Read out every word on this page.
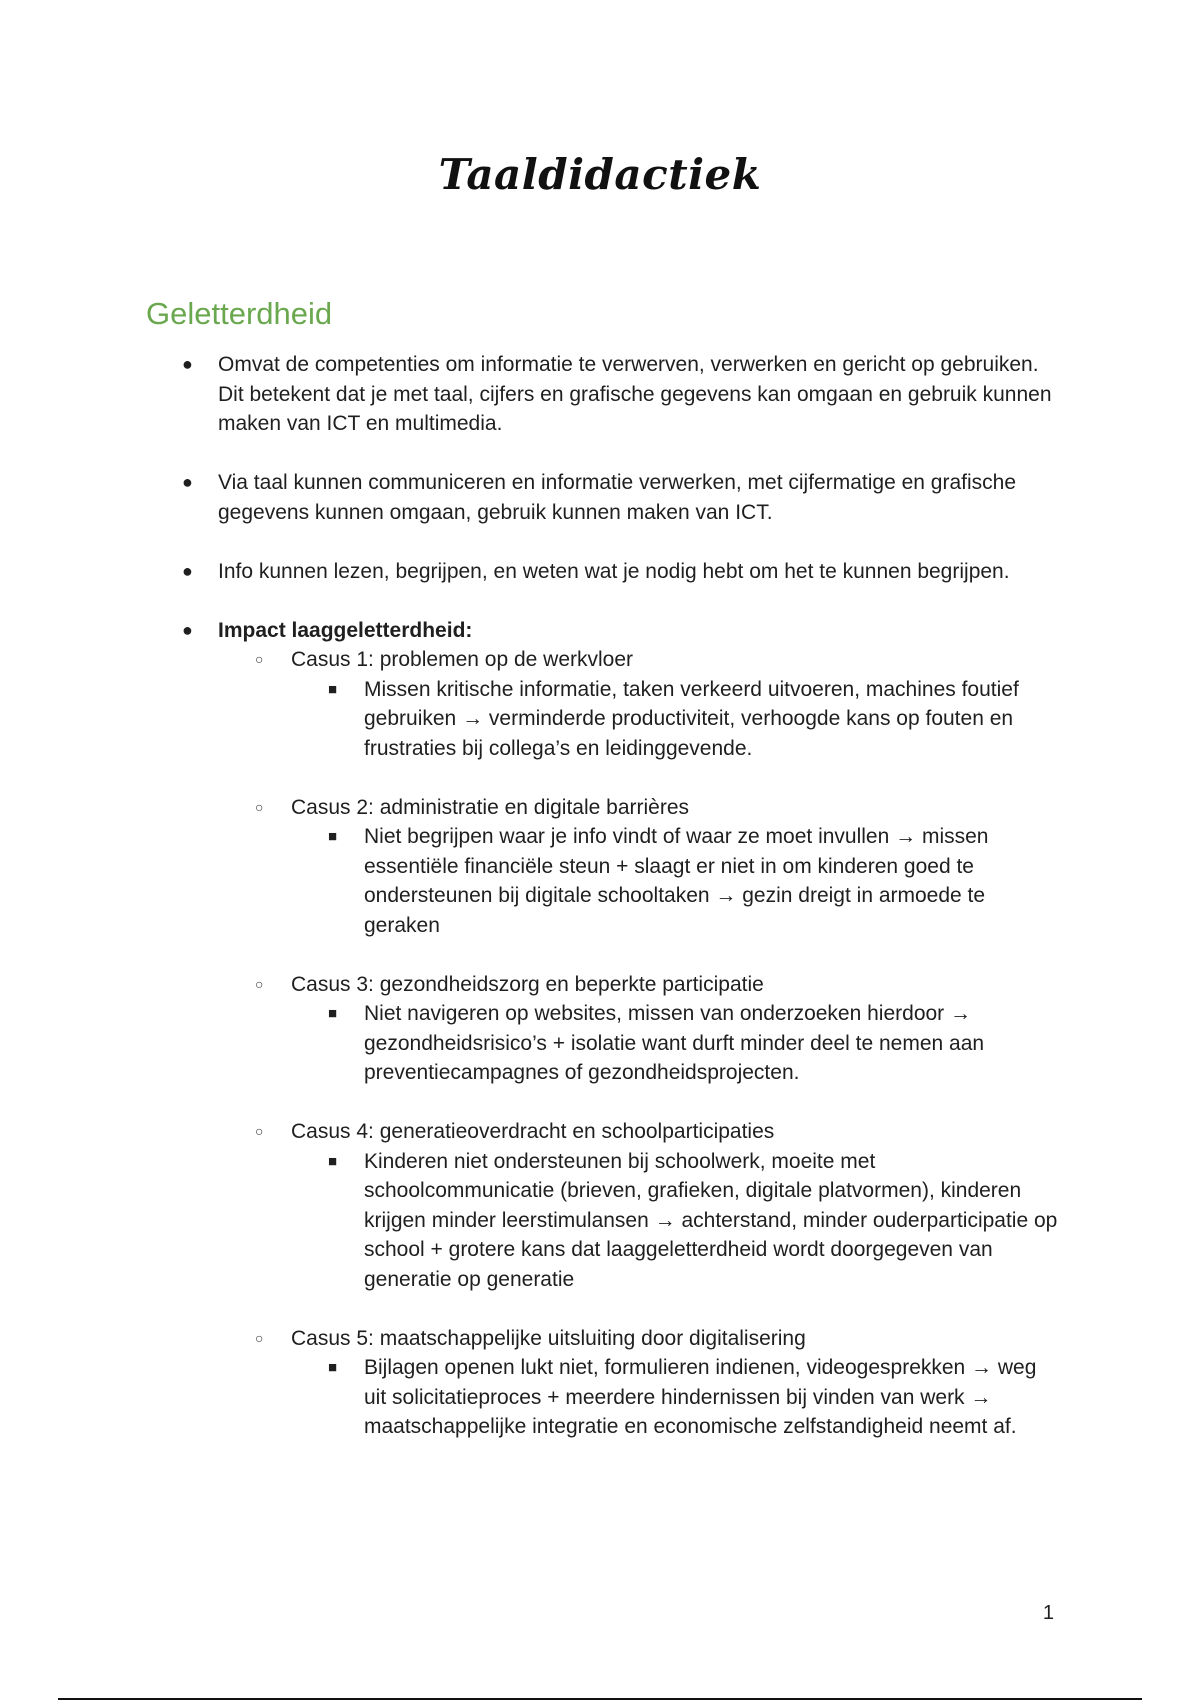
Taaldidactiek
Geletterdheid
● Omvat de competenties om informatie te verwerven, verwerken en gericht op gebruiken. Dit betekent dat je met taal, cijfers en grafische gegevens kan omgaan en gebruik kunnen maken van ICT en multimedia.
● Via taal kunnen communiceren en informatie verwerken, met cijfermatige en grafische gegevens kunnen omgaan, gebruik kunnen maken van ICT.
● Info kunnen lezen, begrijpen, en weten wat je nodig hebt om het te kunnen begrijpen.
● Impact laaggeletterdheid:
○ Casus 1: problemen op de werkvloer
■ Missen kritische informatie, taken verkeerd uitvoeren, machines foutief gebruiken → verminderde productiviteit, verhoogde kans op fouten en frustraties bij collega’s en leidinggevende.
○ Casus 2: administratie en digitale barrières
■ Niet begrijpen waar je info vindt of waar ze moet invullen → missen essentiële financiële steun + slaagt er niet in om kinderen goed te ondersteunen bij digitale schooltaken → gezin dreigt in armoede te geraken
○ Casus 3: gezondheidszorg en beperkte participatie
■ Niet navigeren op websites, missen van onderzoeken hierdoor → gezondheidsrisico’s + isolatie want durft minder deel te nemen aan preventiecampagnes of gezondheidsprojecten.
○ Casus 4: generatieoverdracht en schoolparticipaties
■ Kinderen niet ondersteunen bij schoolwerk, moeite met schoolcommunicatie (brieven, grafieken, digitale platvormen), kinderen krijgen minder leerstimulansen → achterstand, minder ouderparticipatie op school + grotere kans dat laaggeletterdheid wordt doorgegeven van generatie op generatie
○ Casus 5: maatschappelijke uitsluiting door digitalisering
■ Bijlagen openen lukt niet, formulieren indienen, videogesprekken → weg uit solicitatieproces + meerdere hindernissen bij vinden van werk → maatschappelijke integratie en economische zelfstandigheid neemt af.
1
